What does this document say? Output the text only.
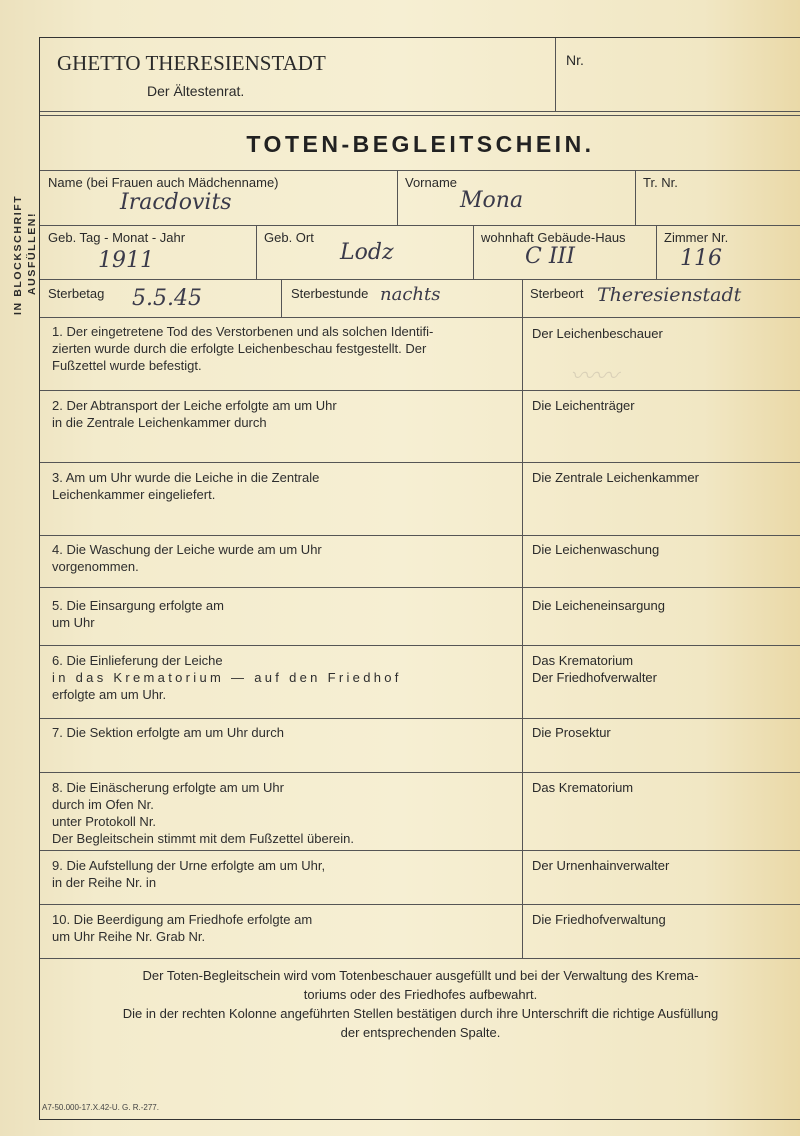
IN BLOCKSCHRIFT AUSFÜLLEN!
GHETTO THERESIENSTADT
Der Ältestenrat.
Nr.
TOTEN-BEGLEITSCHEIN.
Name (bei Frauen auch Mädchenname)
Iracdovits
Vorname
Mona
Tr. Nr.
Geb. Tag - Monat - Jahr
1911
Geb. Ort
Lodz
wohnhaft Gebäude-Haus
C III
Zimmer Nr.
116
Sterbetag 5.5.45	Sterbestunde nachts	Sterbeort Theresienstadt
1. Der eingetretene Tod des Verstorbenen und als solchen Identifi-
zierten wurde durch die erfolgte Leichenbeschau festgestellt. Der
Fußzettel wurde befestigt.
Der Leichenbeschauer
〰〰
2. Der Abtransport der Leiche erfolgte am um Uhr
in die Zentrale Leichenkammer durch
Die Leichenträger
3. Am um Uhr wurde die Leiche in die Zentrale
Leichenkammer eingeliefert.
Die Zentrale Leichenkammer
4. Die Waschung der Leiche wurde am um Uhr
vorgenommen.
Die Leichenwaschung
5. Die Einsargung erfolgte am
um Uhr
Die Leicheneinsargung
6. Die Einlieferung der Leiche
in das Krematorium — auf den Friedhof
erfolgte am um Uhr.
Das Krematorium
Der Friedhofverwalter
7. Die Sektion erfolgte am um Uhr durch	Die Prosektur
8. Die Einäscherung erfolgte am um Uhr
durch im Ofen Nr.
unter Protokoll Nr.
Der Begleitschein stimmt mit dem Fußzettel überein.
Das Krematorium
9. Die Aufstellung der Urne erfolgte am um Uhr,
in der Reihe Nr. in
Der Urnenhainverwalter
10. Die Beerdigung am Friedhofe erfolgte am
um Uhr Reihe Nr. Grab Nr.
Die Friedhofverwaltung
Der Toten-Begleitschein wird vom Totenbeschauer ausgefüllt und bei der Verwaltung des Krema-
toriums oder des Friedhofes aufbewahrt.
Die in der rechten Kolonne angeführten Stellen bestätigen durch ihre Unterschrift die richtige Ausfüllung
der entsprechenden Spalte.
A7-50.000-17.X.42-U. G. R.-277.
